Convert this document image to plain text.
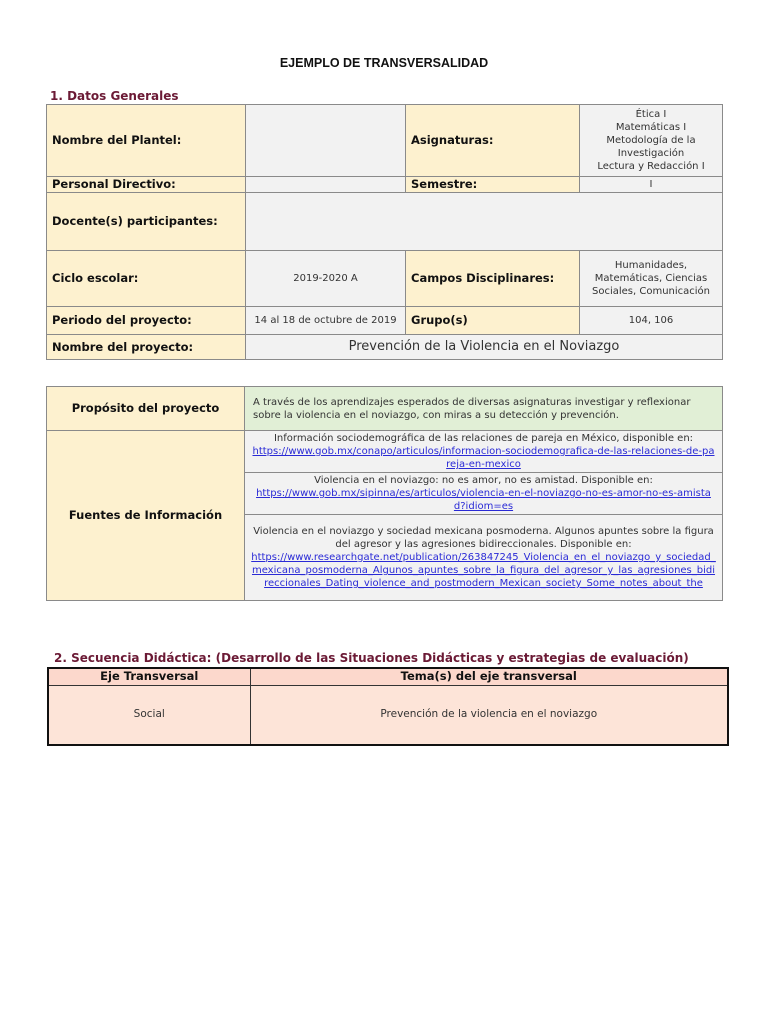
EJEMPLO DE TRANSVERSALIDAD
1. Datos Generales
Nombre del Plantel:		Asignaturas:	Ética I
Matemáticas I
Metodología de la Investigación
Lectura y Redacción I

Personal Directivo:		Semestre:	I
Docente(s) participantes:			
Ciclo escolar:	2019-2020 A	Campos Disciplinares:	Humanidades, Matemáticas, Ciencias Sociales, Comunicación
Periodo del proyecto:	14 al 18 de octubre de 2019	Grupo(s)	104, 106
Nombre del proyecto:	Prevención de la Violencia en el Noviazgo		
Propósito del proyecto	A través de los aprendizajes esperados de diversas asignaturas investigar y reflexionar sobre la violencia en el noviazgo, con miras a su detección y prevención.
Fuentes de Información	Información sociodemográfica de las relaciones de pareja en México, disponible en:
https://www.gob.mx/conapo/articulos/informacion-sociodemografica-de-las-relaciones-de-pareja-en-mexico

	Violencia en el noviazgo: no es amor, no es amistad. Disponible en:
https://www.gob.mx/sipinna/es/articulos/violencia-en-el-noviazgo-no-es-amor-no-es-amistad?idiom=es

	Violencia en el noviazgo y sociedad mexicana posmoderna. Algunos apuntes sobre la figura del agresor y las agresiones bidireccionales. Disponible en:
https://www.researchgate.net/publication/263847245_Violencia_en_el_noviazgo_y_sociedad_mexicana_posmoderna_Algunos_apuntes_sobre_la_figura_del_agresor_y_las_agresiones_bidireccionales_Dating_violence_and_postmodern_Mexican_society_Some_notes_about_the
2. Secuencia Didáctica: (Desarrollo de las Situaciones Didácticas y estrategias de evaluación)
Eje Transversal	Tema(s) del eje transversal
Social	Prevención de la violencia en el noviazgo
